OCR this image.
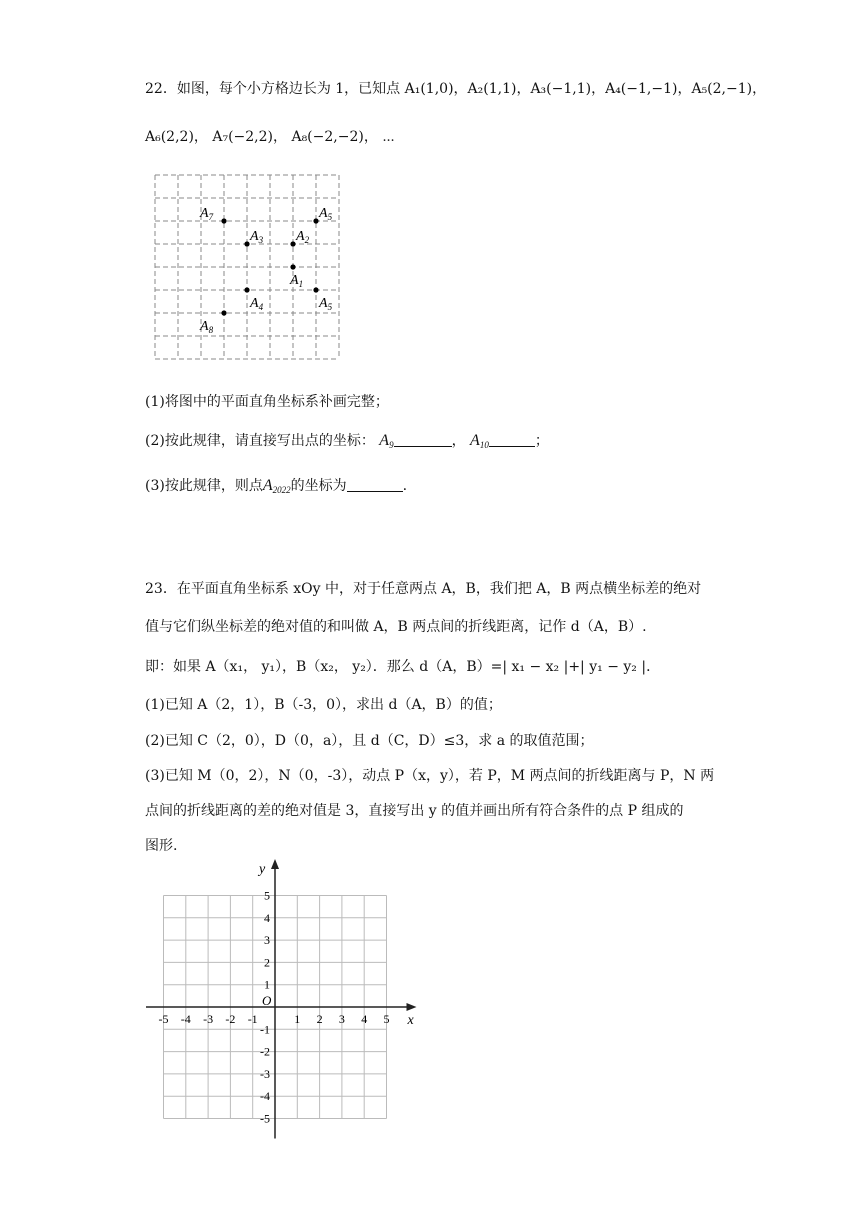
22．如图，每个小方格边长为 1，已知点 A₁(1,0)，A₂(1,1)，A₃(−1,1)，A₄(−1,−1)，A₅(2,−1)，
A₆(2,2)， A₇(−2,2)， A₈(−2,−2)， ⋯
$A_1$
$A_2$
$A_3$
$A_4$	$A_5$
$A_5$
$A_7$
$A_8$
(1)将图中的平面直角坐标系补画完整；
(2)按此规律，请直接写出点的坐标： $A_9$	， $A_{10}$	；
(3)按此规律，则点$A_{2022}$的坐标为	.
23．在平面直角坐标系 xOy 中，对于任意两点 A，B，我们把 A，B 两点横坐标差的绝对
值与它们纵坐标差的绝对值的和叫做 A，B 两点间的折线距离，记作 d（A，B）.
即：如果 A（x₁， y₁），B（x₂， y₂）．那么 d（A，B）=| x₁ − x₂ |+| y₁ − y₂ |．
(1)已知 A（2，1），B（-3，0），求出 d（A，B）的值；
(2)已知 C（2，0），D（0，a），且 d（C，D）≤3，求 a 的取值范围；
(3)已知 M（0，2），N（0，-3），动点 P（x，y），若 P，M 两点间的折线距离与 P，N 两
点间的折线距离的差的绝对值是 3，直接写出 y 的值并画出所有符合条件的点 P 组成的
图形.
x
y
O
-5 -4 -3 -2 -1	1 2 3 4 5
5
4
3
2
1
-1
-2
-3
-4
-5
